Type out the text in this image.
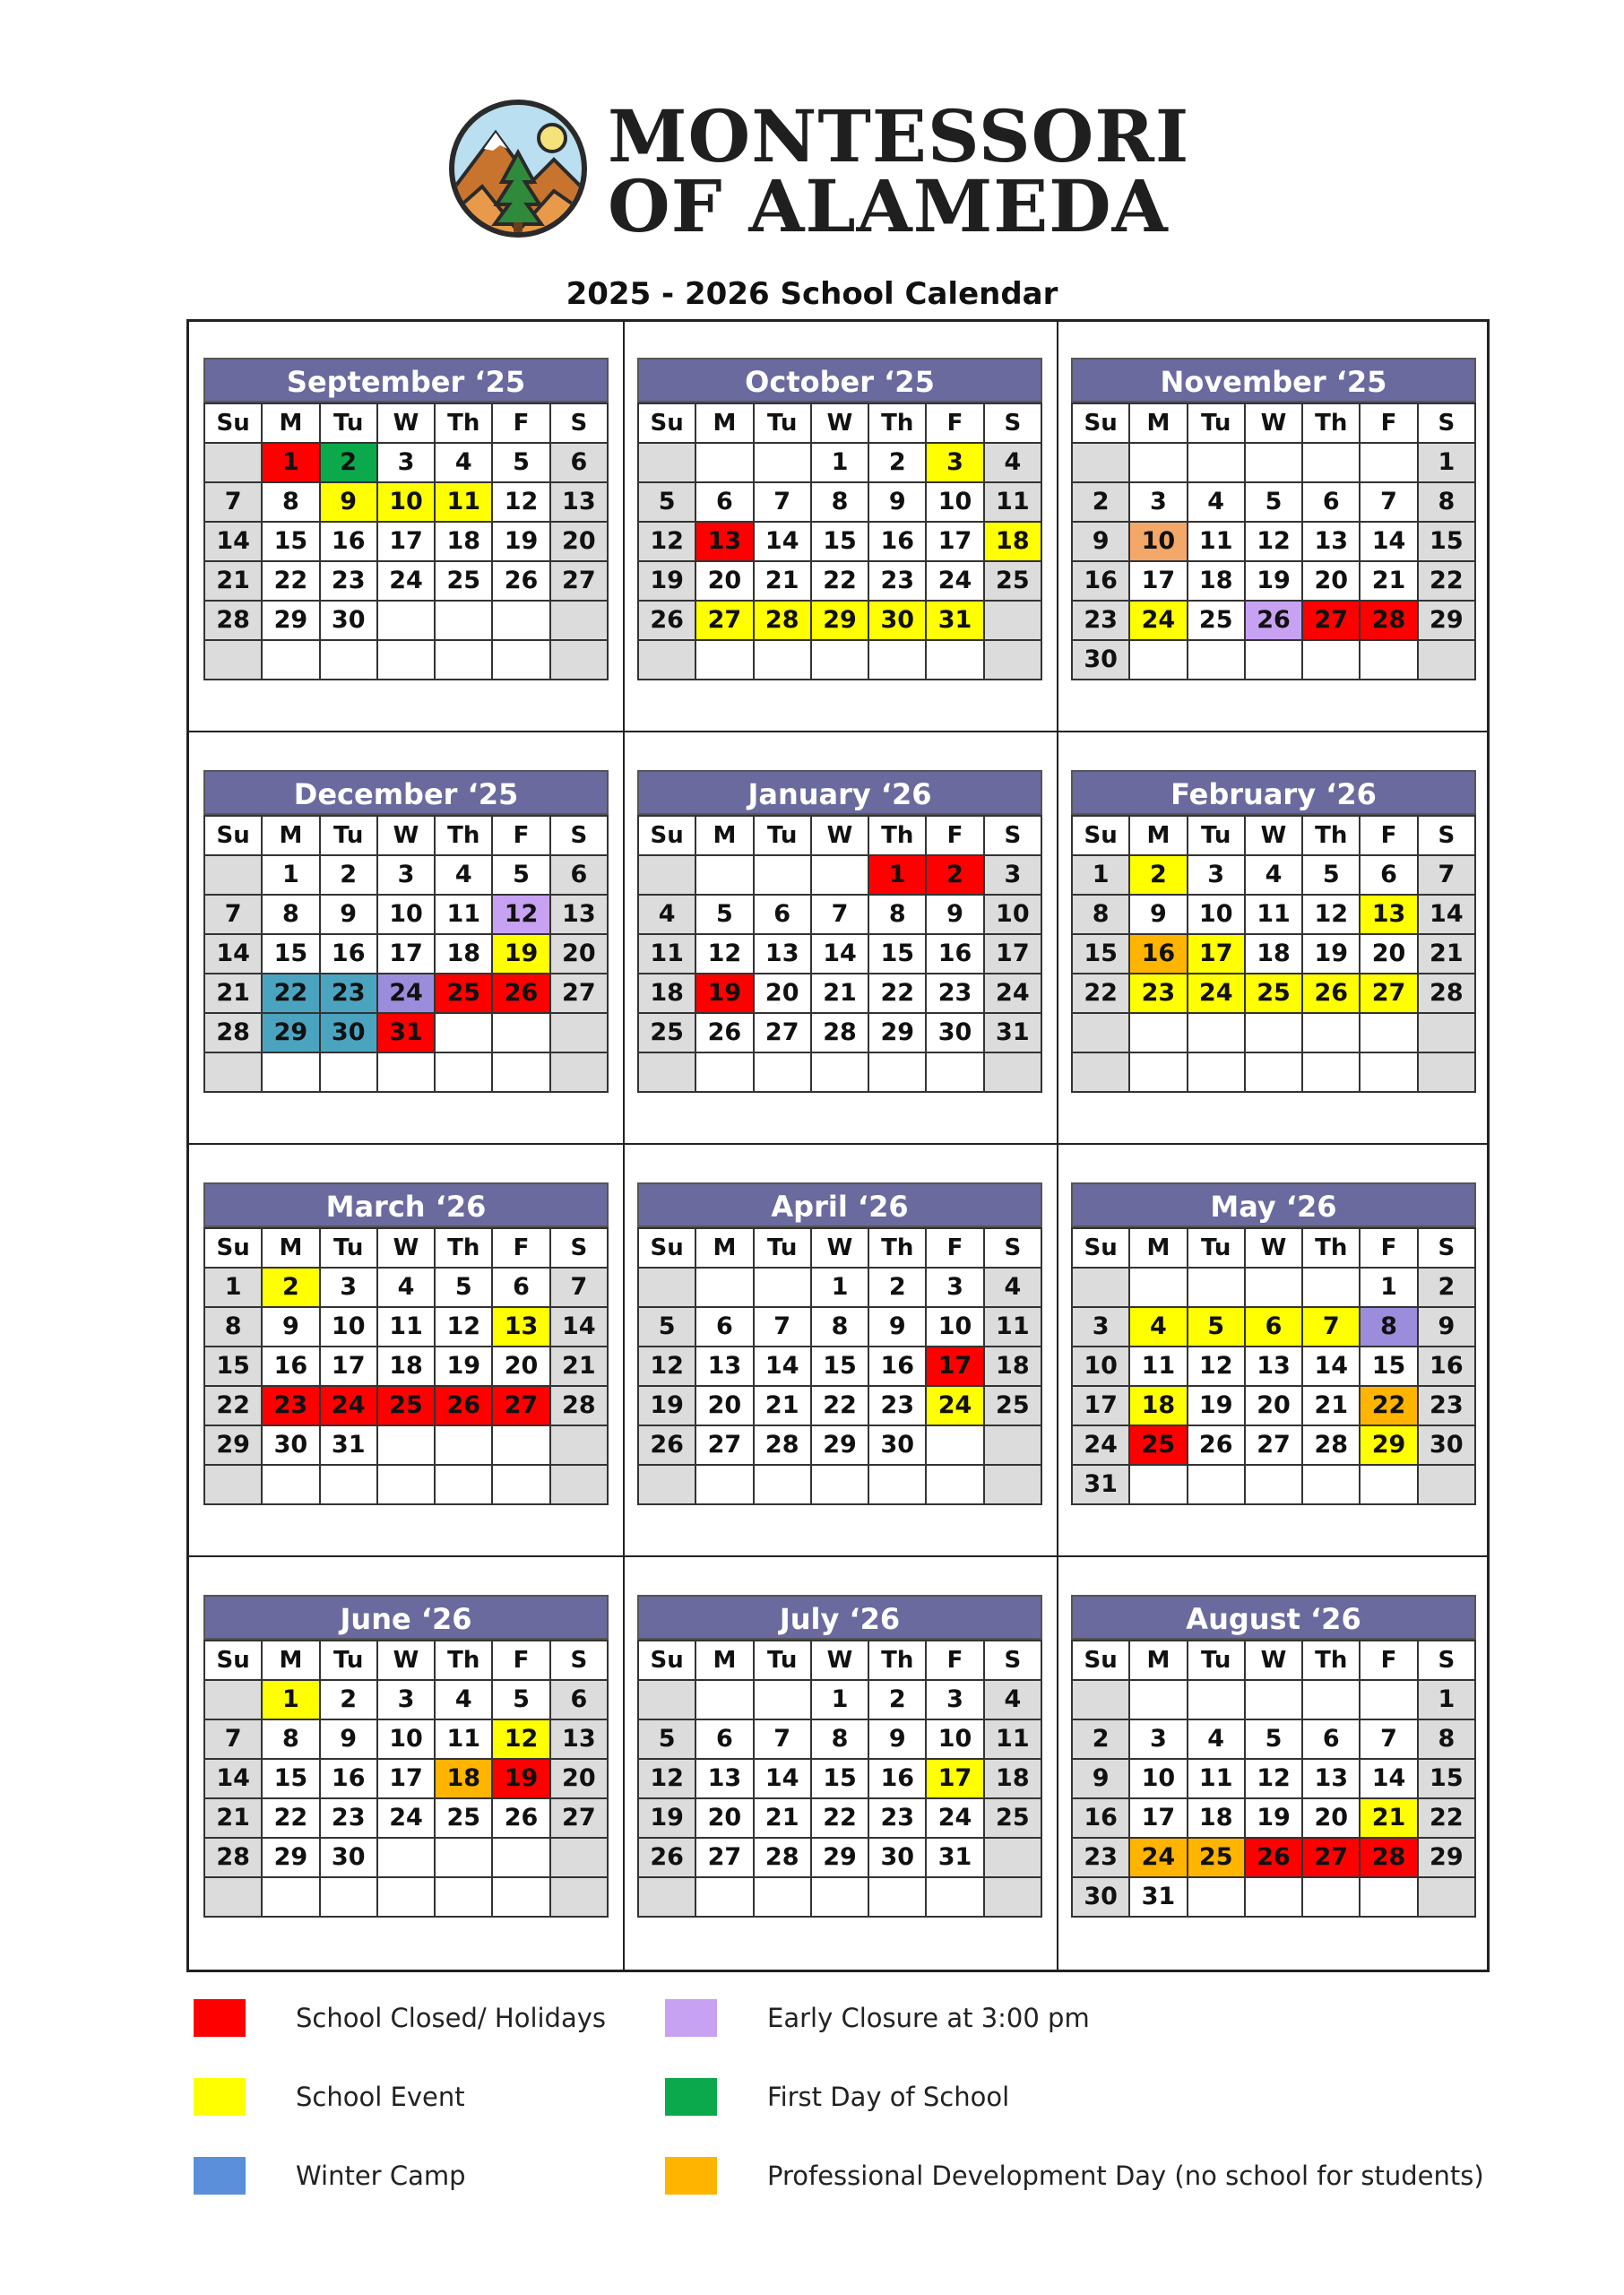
MONTESSORI
OF ALAMEDA
2025 - 2026 School Calendar
September ‘25
Su	M	Tu	W	Th	F	S
	1	2	3	4	5	6
7	8	9	10	11	12	13
14	15	16	17	18	19	20
21	22	23	24	25	26	27
28	29	30				

October ‘25
Su	M	Tu	W	Th	F	S
			1	2	3	4
5	6	7	8	9	10	11
12	13	14	15	16	17	18
19	20	21	22	23	24	25
26	27	28	29	30	31	

November ‘25
Su	M	Tu	W	Th	F	S
						1
2	3	4	5	6	7	8
9	10	11	12	13	14	15
16	17	18	19	20	21	22
23	24	25	26	27	28	29
30						
December ‘25
Su	M	Tu	W	Th	F	S
	1	2	3	4	5	6
7	8	9	10	11	12	13
14	15	16	17	18	19	20
21	22	23	24	25	26	27
28	29	30	31			

January ‘26
Su	M	Tu	W	Th	F	S
				1	2	3
4	5	6	7	8	9	10
11	12	13	14	15	16	17
18	19	20	21	22	23	24
25	26	27	28	29	30	31

February ‘26
Su	M	Tu	W	Th	F	S
1	2	3	4	5	6	7
8	9	10	11	12	13	14
15	16	17	18	19	20	21
22	23	24	25	26	27	28

March ‘26
Su	M	Tu	W	Th	F	S
1	2	3	4	5	6	7
8	9	10	11	12	13	14
15	16	17	18	19	20	21
22	23	24	25	26	27	28
29	30	31				

April ‘26
Su	M	Tu	W	Th	F	S
			1	2	3	4
5	6	7	8	9	10	11
12	13	14	15	16	17	18
19	20	21	22	23	24	25
26	27	28	29	30		

May ‘26
Su	M	Tu	W	Th	F	S
					1	2
3	4	5	6	7	8	9
10	11	12	13	14	15	16
17	18	19	20	21	22	23
24	25	26	27	28	29	30
31						
June ‘26
Su	M	Tu	W	Th	F	S
	1	2	3	4	5	6
7	8	9	10	11	12	13
14	15	16	17	18	19	20
21	22	23	24	25	26	27
28	29	30				

July ‘26
Su	M	Tu	W	Th	F	S
			1	2	3	4
5	6	7	8	9	10	11
12	13	14	15	16	17	18
19	20	21	22	23	24	25
26	27	28	29	30	31	

August ‘26
Su	M	Tu	W	Th	F	S
						1
2	3	4	5	6	7	8
9	10	11	12	13	14	15
16	17	18	19	20	21	22
23	24	25	26	27	28	29
30	31					
School Closed/ Holidays
School Event
Winter Camp
Early Closure at 3:00 pm
First Day of School
Professional Development Day (no school for students)
